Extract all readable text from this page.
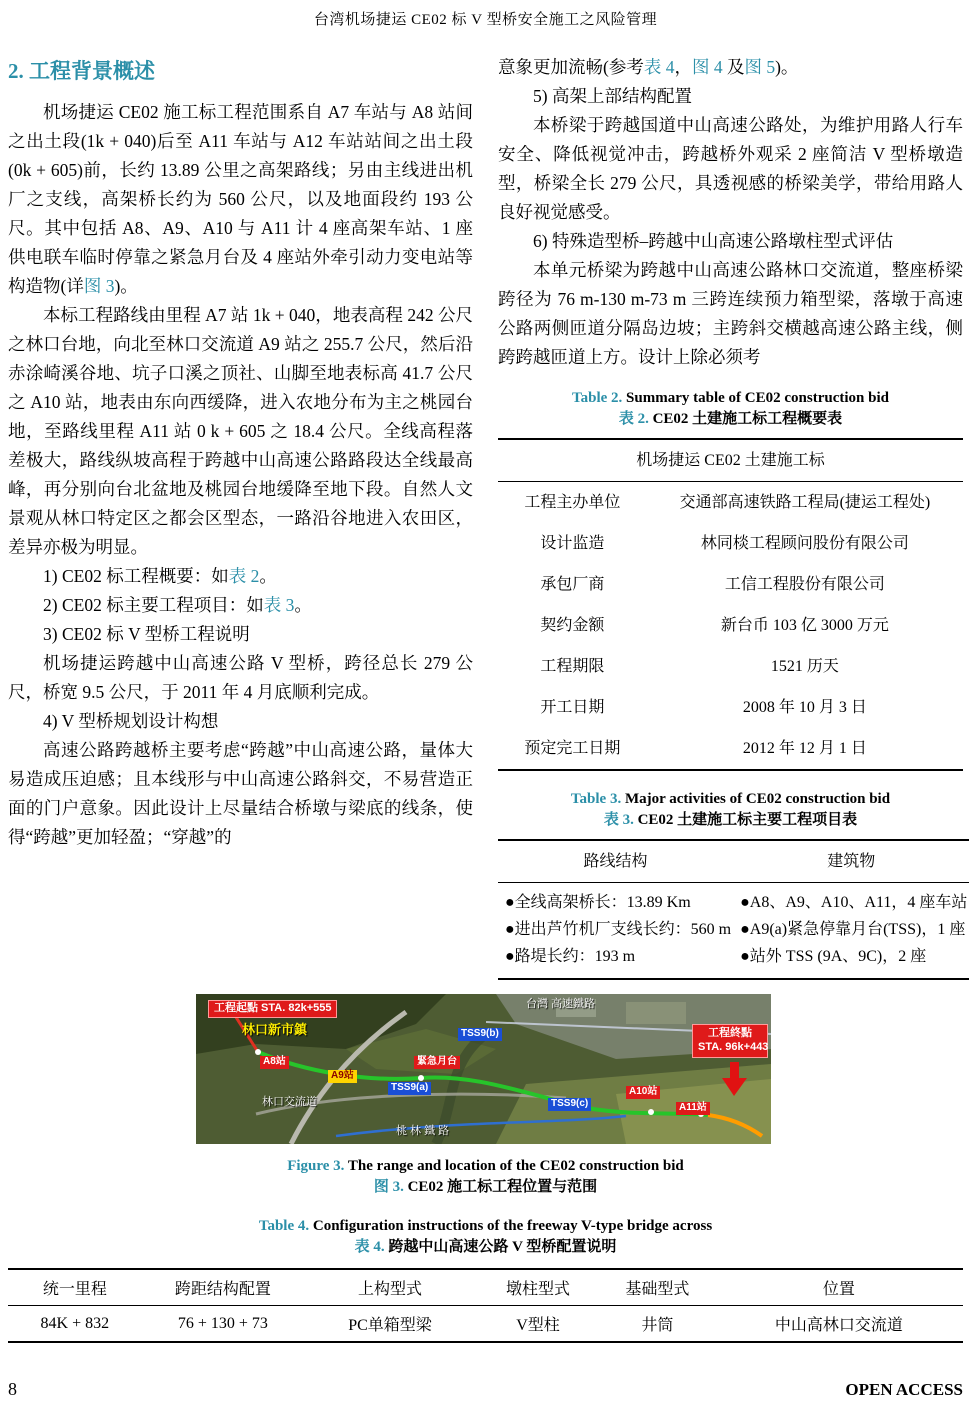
台湾机场捷运 CE02 标 V 型桥安全施工之风险管理
2. 工程背景概述

机场捷运 CE02 施工标工程范围系自 A7 车站与 A8 站间之出土段(1k + 040)后至 A11 车站与 A12 车站站间之出土段(0k + 605)前，长约 13.89 公里之高架路线；另由主线进出机厂之支线，高架桥长约为 560 公尺，以及地面段约 193 公尺。其中包括 A8、A9、A10 与 A11 计 4 座高架车站、1 座供电联车临时停靠之紧急月台及 4 座站外牵引动力变电站等构造物(详图 3)。

本标工程路线由里程 A7 站 1k + 040，地表高程 242 公尺之林口台地，向北至林口交流道 A9 站之 255.7 公尺，然后沿赤涂崎溪谷地、坑子口溪之顶社、山脚至地表标高 41.7 公尺之 A10 站，地表由东向西缓降，进入农地分布为主之桃园台地，至路线里程 A11 站 0 k + 605 之 18.4 公尺。全线高程落差极大，路线纵坡高程于跨越中山高速公路路段达全线最高峰，再分别向台北盆地及桃园台地缓降至地下段。自然人文景观从林口特定区之都会区型态，一路沿谷地进入农田区，差异亦极为明显。

1) CE02 标工程概要：如表 2。

2) CE02 标主要工程项目：如表 3。

3) CE02 标 V 型桥工程说明

机场捷运跨越中山高速公路 V 型桥，跨径总长 279 公尺，桥宽 9.5 公尺，于 2011 年 4 月底顺利完成。

4) V 型桥规划设计构想

高速公路跨越桥主要考虑“跨越”中山高速公路，量体大易造成压迫感；且本线形与中山高速公路斜交，不易营造正面的门户意象。因此设计上尽量结合桥墩与梁底的线条，使得“跨越”更加轻盈；“穿越”的

意象更加流畅(参考表 4，图 4 及图 5)。

5) 高架上部结构配置

本桥梁于跨越国道中山高速公路处，为维护用路人行车安全、降低视觉冲击，跨越桥外观采 2 座简洁 V 型桥墩造型，桥梁全长 279 公尺，具透视感的桥梁美学，带给用路人良好视觉感受。

6) 特殊造型桥–跨越中山高速公路墩柱型式评估

本单元桥梁为跨越中山高速公路林口交流道，整座桥梁跨径为 76 m-130 m-73 m 三跨连续预力箱型梁，落墩于高速公路两侧匝道分隔岛边坡；主跨斜交横越高速公路主线，侧跨跨越匝道上方。设计上除必须考

Table 2. Summary table of CE02 construction bid
表 2. CE02 土建施工标工程概要表
机场捷运 CE02 土建施工标	
工程主办单位	交通部高速铁路工程局(捷运工程处)
设计监造	林同棪工程顾问股份有限公司
承包厂商	工信工程股份有限公司
契约金额	新台币 103 亿 3000 万元
工程期限	1521 历天
开工日期	2008 年 10 月 3 日
预定完工日期	2012 年 12 月 1 日
Table 3. Major activities of CE02 construction bid
表 3. CE02 土建施工标主要工程项目表
路线结构	建筑物

●全线高架桥长：13.89 Km
●进出芦竹机厂支线长约：560 m
●路堤长约：193 m

●A8、A9、A10、A11，4 座车站
●A9(a)紧急停靠月台(TSS)，1 座
●站外 TSS (9A、9C)，2 座
工程起點 STA. 82k+555
林口新市鎮
A8站
A9站
TSS9(a)
緊急月台
TSS9(b)
TSS9(c)
A10站
A11站
工程終點
STA. 96k+443
林口交流道
台灣 高速鐵路
桃 林 鐵 路
Figure 3. The range and location of the CE02 construction bid
图 3. CE02 施工标工程位置与范围
Table 4. Configuration instructions of the freeway V-type bridge across
表 4. 跨越中山高速公路 V 型桥配置说明
统一里程	跨距结构配置	上构型式	墩柱型式	基础型式	位置
84K + 832	76 + 130 + 73	PC单箱型梁	V型柱	井筒	中山高林口交流道
8	OPEN ACCESS
